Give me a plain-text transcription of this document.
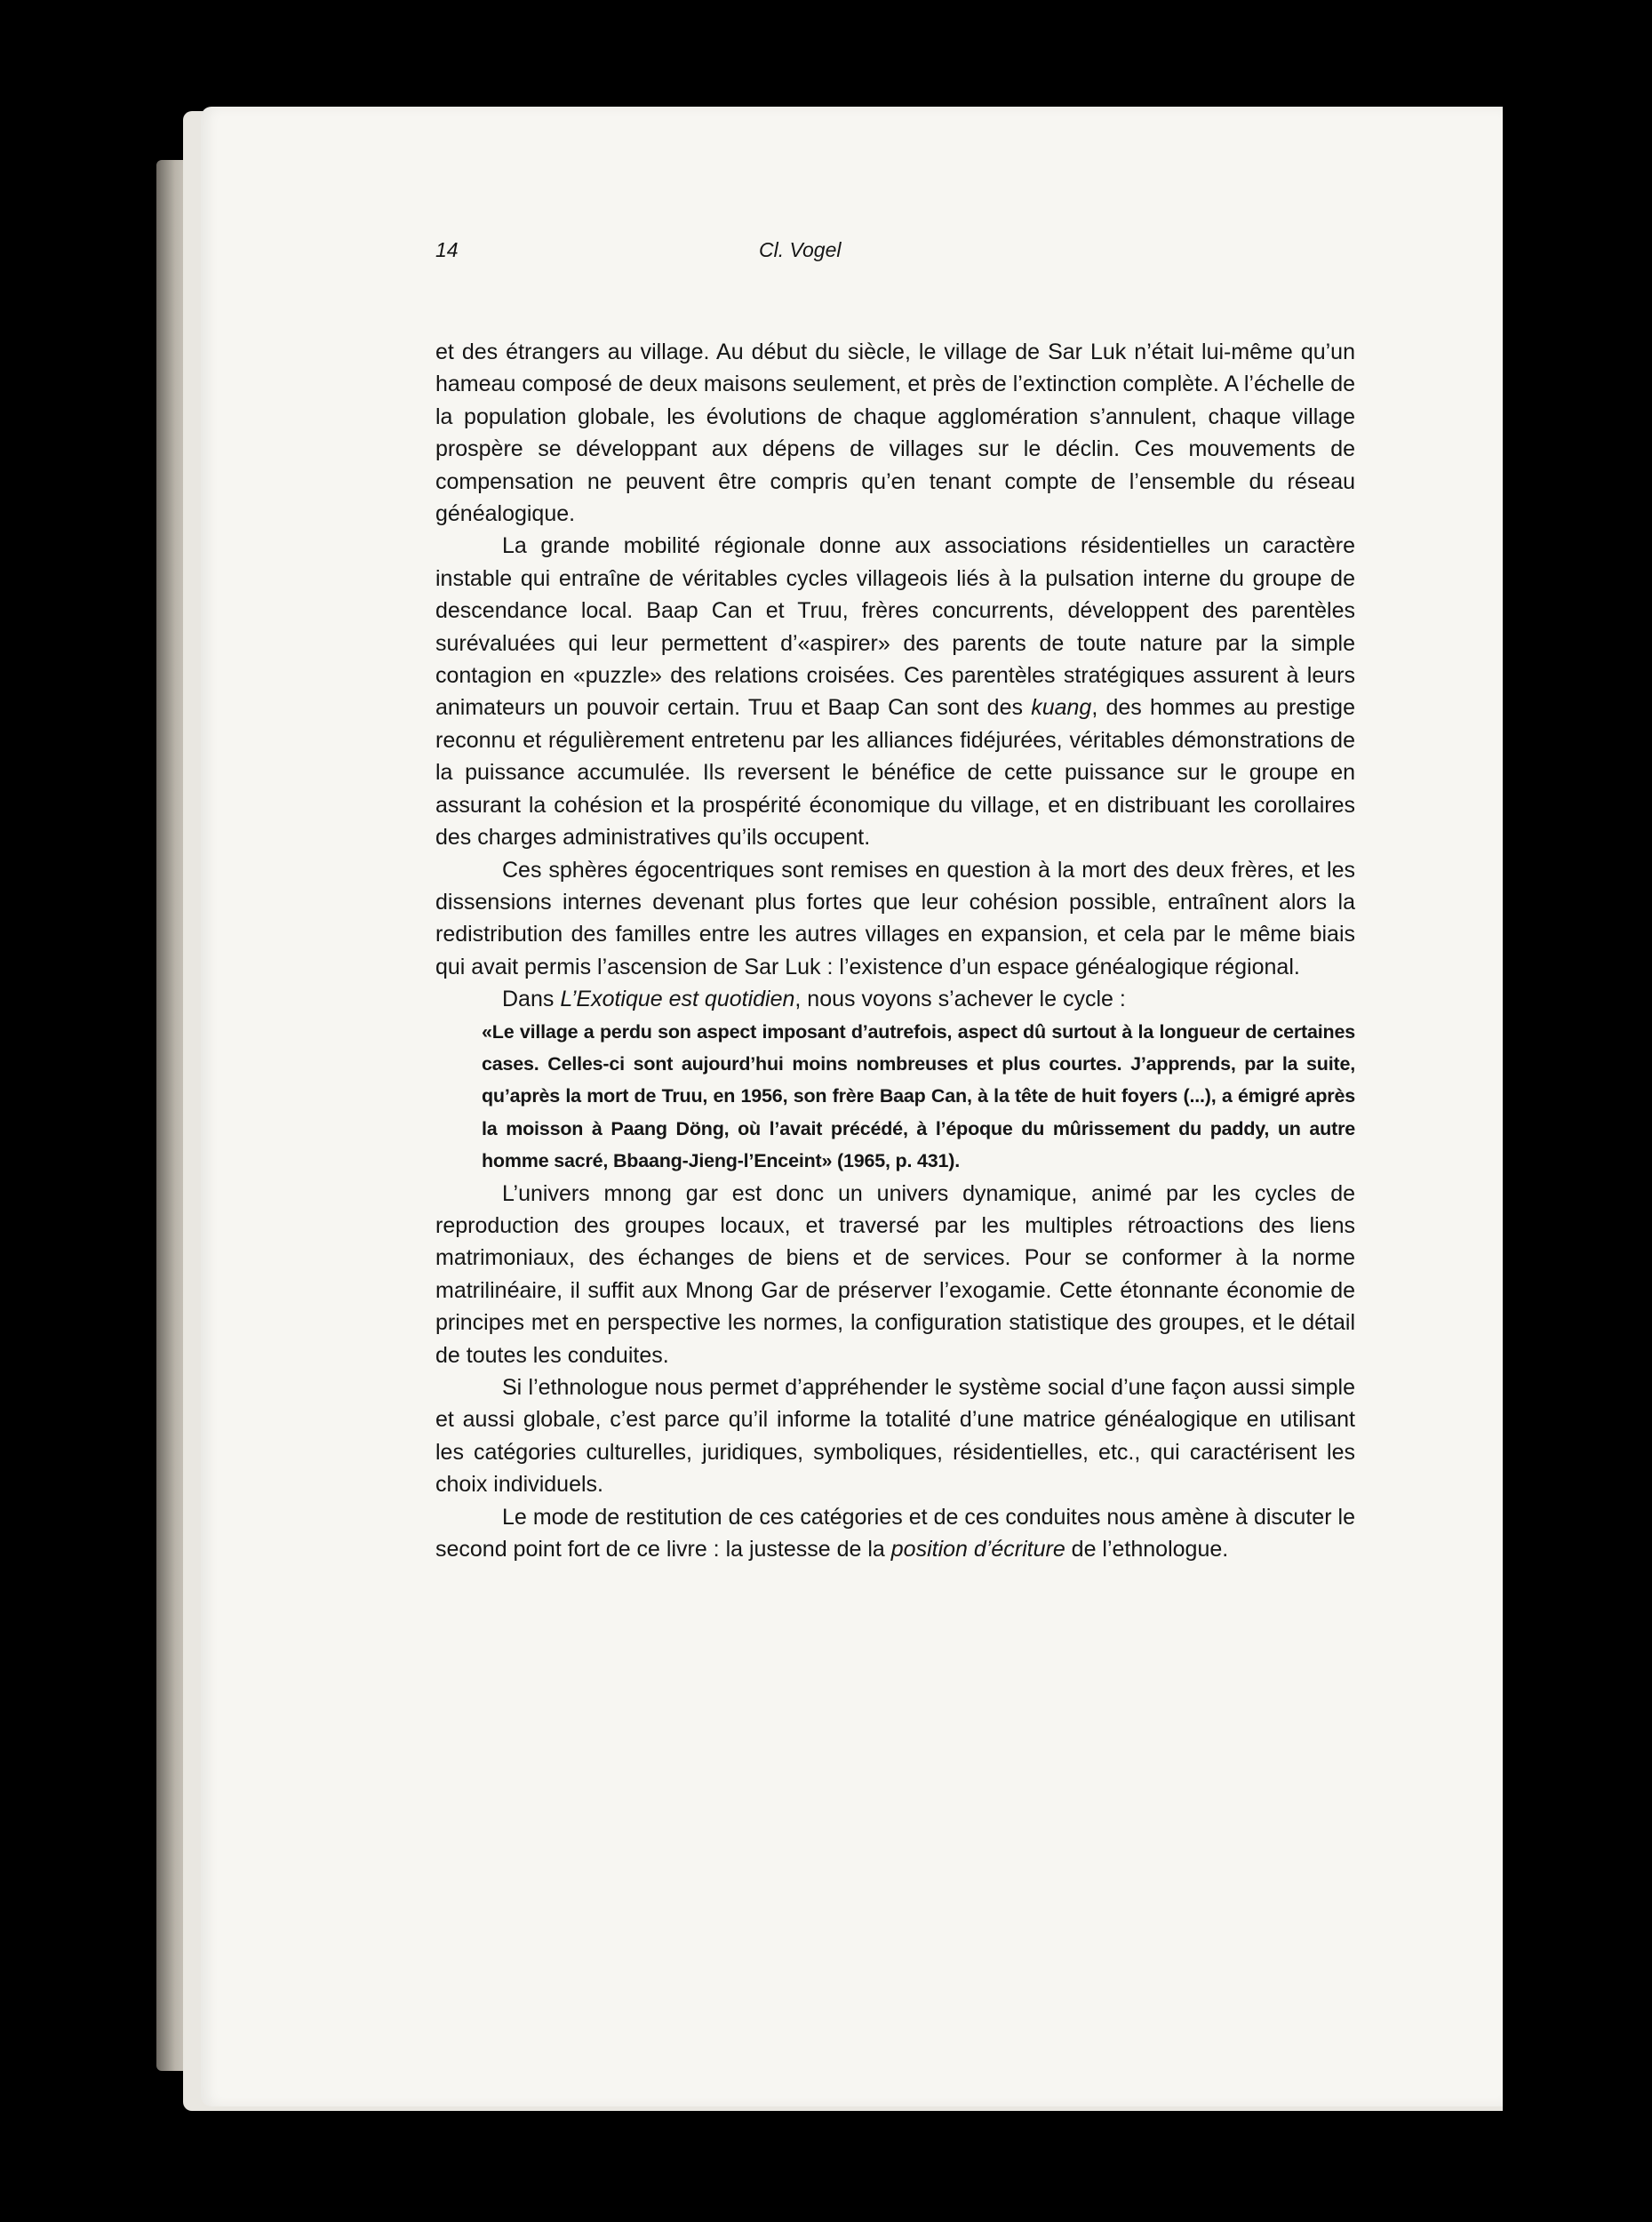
14	Cl. Vogel

et des étrangers au village. Au début du siècle, le village de Sar Luk n’était lui-même qu’un hameau composé de deux maisons seulement, et près de l’extinction complète. A l’échelle de la population globale, les évolutions de chaque agglomération s’annulent, chaque village prospère se développant aux dépens de villages sur le déclin. Ces mouvements de compensation ne peuvent être compris qu’en tenant compte de l’ensemble du réseau généalogique.

La grande mobilité régionale donne aux associations résidentielles un caractère instable qui entraîne de véritables cycles villageois liés à la pulsation interne du groupe de descendance local. Baap Can et Truu, frères concurrents, développent des parentèles surévaluées qui leur permettent d’«aspirer» des parents de toute nature par la simple contagion en «puzzle» des relations croisées. Ces parentèles stratégiques assurent à leurs animateurs un pouvoir certain. Truu et Baap Can sont des kuang, des hommes au prestige reconnu et régulièrement entretenu par les alliances fidéjurées, véritables démonstrations de la puissance accumulée. Ils reversent le bénéfice de cette puissance sur le groupe en assurant la cohésion et la prospérité économique du village, et en distribuant les corollaires des charges administratives qu’ils occupent.

Ces sphères égocentriques sont remises en question à la mort des deux frères, et les dissensions internes devenant plus fortes que leur cohésion possible, entraînent alors la redistribution des familles entre les autres villages en expansion, et cela par le même biais qui avait permis l’ascension de Sar Luk : l’existence d’un espace généalogique régional.

Dans L’Exotique est quotidien, nous voyons s’achever le cycle :

«Le village a perdu son aspect imposant d’autrefois, aspect dû surtout à la longueur de certaines cases. Celles-ci sont aujourd’hui moins nombreuses et plus courtes. J’apprends, par la suite, qu’après la mort de Truu, en 1956, son frère Baap Can, à la tête de huit foyers (...), a émigré après la moisson à Paang Döng, où l’avait précédé, à l’époque du mûrissement du paddy, un autre homme sacré, Bbaang-Jieng-l’Enceint» (1965, p. 431).

L’univers mnong gar est donc un univers dynamique, animé par les cycles de reproduction des groupes locaux, et traversé par les multiples rétroactions des liens matrimoniaux, des échanges de biens et de services. Pour se conformer à la norme matrilinéaire, il suffit aux Mnong Gar de préserver l’exogamie. Cette étonnante économie de principes met en perspective les normes, la configuration statistique des groupes, et le détail de toutes les conduites.

Si l’ethnologue nous permet d’appréhender le système social d’une façon aussi simple et aussi globale, c’est parce qu’il informe la totalité d’une matrice généalogique en utilisant les catégories culturelles, juridiques, symboliques, résidentielles, etc., qui caractérisent les choix individuels.

Le mode de restitution de ces catégories et de ces conduites nous amène à discuter le second point fort de ce livre : la justesse de la position d’écriture de l’ethnologue.
